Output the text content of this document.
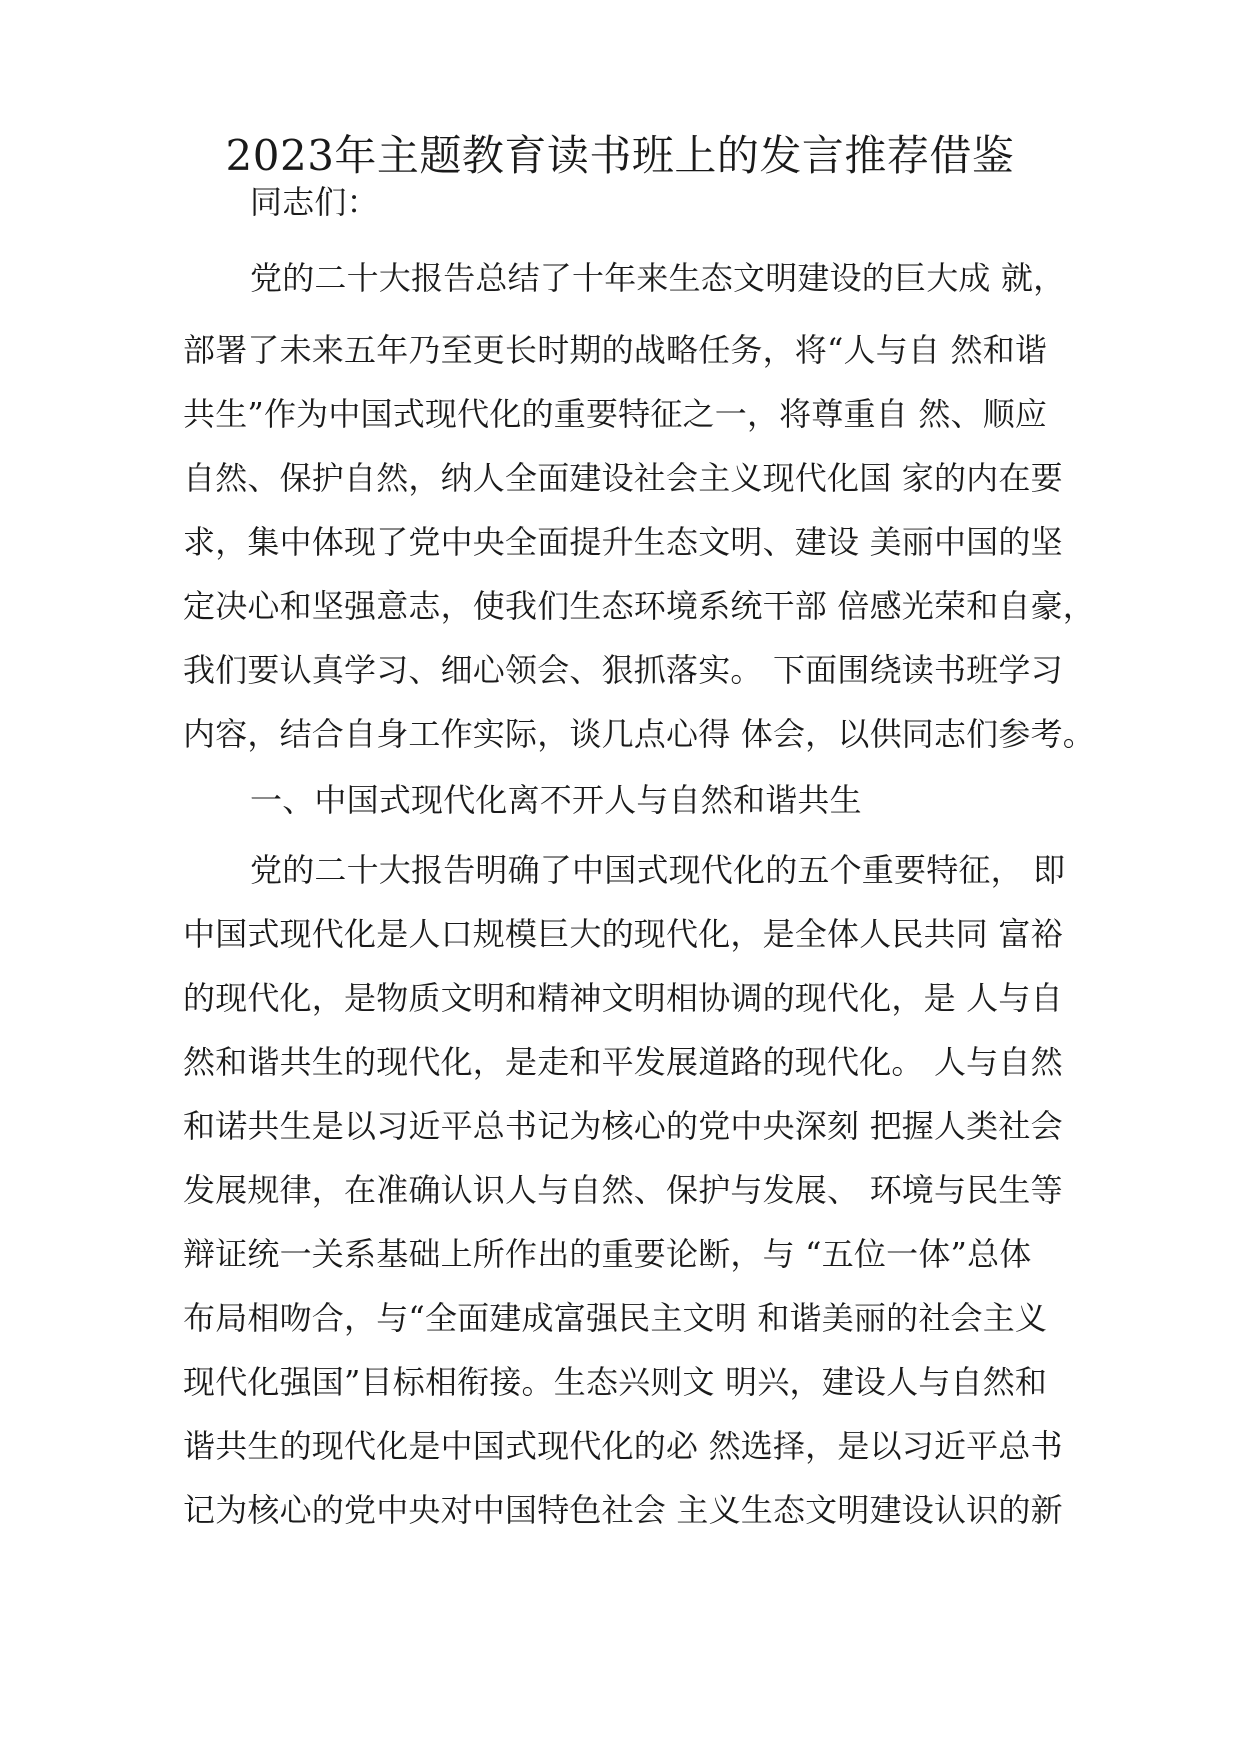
2023年主题教育读书班上的发言推荐借鉴
同志们：
党的二十大报告总结了十年来生态文明建设的巨大成 就，
部署了未来五年乃至更长时期的战略任务，将“人与自 然和谐
共生”作为中国式现代化的重要特征之一，将尊重自 然、顺应
自然、保护自然，纳人全面建设社会主义现代化国 家的内在要
求，集中体现了党中央全面提升生态文明、建设 美丽中国的坚
定决心和坚强意志，使我们生态环境系统干部 倍感光荣和自豪，
我们要认真学习、细心领会、狠抓落实。 下面围绕读书班学习
内容，结合自身工作实际，谈几点心得 体会，以供同志们参考。
一、中国式现代化离不开人与自然和谐共生
党的二十大报告明确了中国式现代化的五个重要特征， 即
中国式现代化是人口规模巨大的现代化，是全体人民共同 富裕
的现代化，是物质文明和精神文明相协调的现代化，是 人与自
然和谐共生的现代化，是走和平发展道路的现代化。 人与自然
和诺共生是以习近平总书记为核心的党中央深刻 把握人类社会
发展规律，在准确认识人与自然、保护与发展、 环境与民生等
辩证统一关系基础上所作出的重要论断，与 “五位一体”总体
布局相吻合，与“全面建成富强民主文明 和谐美丽的社会主义
现代化强国”目标相衔接。生态兴则文 明兴，建设人与自然和
谐共生的现代化是中国式现代化的必 然选择，是以习近平总书
记为核心的党中央对中国特色社会 主义生态文明建设认识的新
